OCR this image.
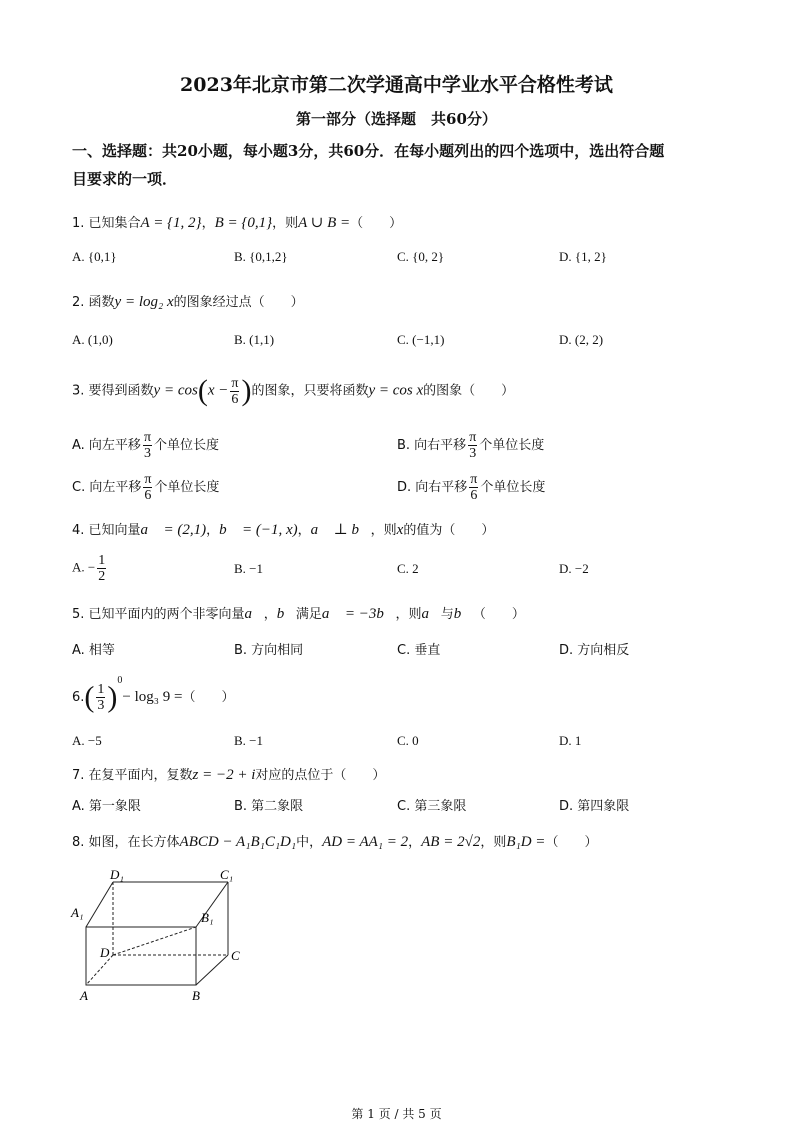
2023年北京市第二次学通高中学业水平合格性考试
第一部分（选择题　共60分）
一、选择题：共20小题，每小题3分，共60分．在每小题列出的四个选项中，选出符合题
目要求的一项．
1. 已知集合A = {1, 2}，B = {0,1}，则A ∪ B =（　　）
A. {0,1}	B. {0,1,2}	C. {0, 2}	D. {1, 2}
2. 函数y = log₂ x的图象经过点（　　）
A. (1,0)	B. (1,1)	C. (−1,1)	D. (2, 2)
3. 要得到函数$y = \cos(x - \frac{\pi}{6}$ )的图象，只要将函数y = cos x的图象（　　）
A. 向左平移 $\frac{\pi}{3}$ 个单位长度	B. 向右平移 $\frac{\pi}{3}$ 个单位长度
C. 向左平移 $\frac{\pi}{6}$ 个单位长度	D. 向右平移 $\frac{\pi}{6}$ 个单位长度
4. 已知向量a⃗ = (2,1)，b⃗ = (−1, x)，a⃗ ⊥ b⃗，则x的值为（　　）
A. − $\frac{1}{2}$	B. −1	C. 2	D. −2
5. 已知平面内的两个非零向量a⃗，b⃗满足a⃗ = −3b⃗，则a⃗与b⃗（　　）
A. 相等	B. 方向相同	C. 垂直	D. 方向相反
$6.( \frac{1}{3} )^0- \log_3$ 9 =（　　）
A. −5	B. −1	C. 0	D. 1
7. 在复平面内，复数z = −2 + i对应的点位于（　　）
A. 第一象限	B. 第二象限	C. 第三象限	D. 第四象限
8. 如图，在长方体ABCD − A₁B₁C₁D₁中，AD = AA₁ = 2，AB = 2√2，则B₁D =（　　）
D₁	C₁
A₁	B₁
D	C
A	B
第 1 页 / 共 5 页
